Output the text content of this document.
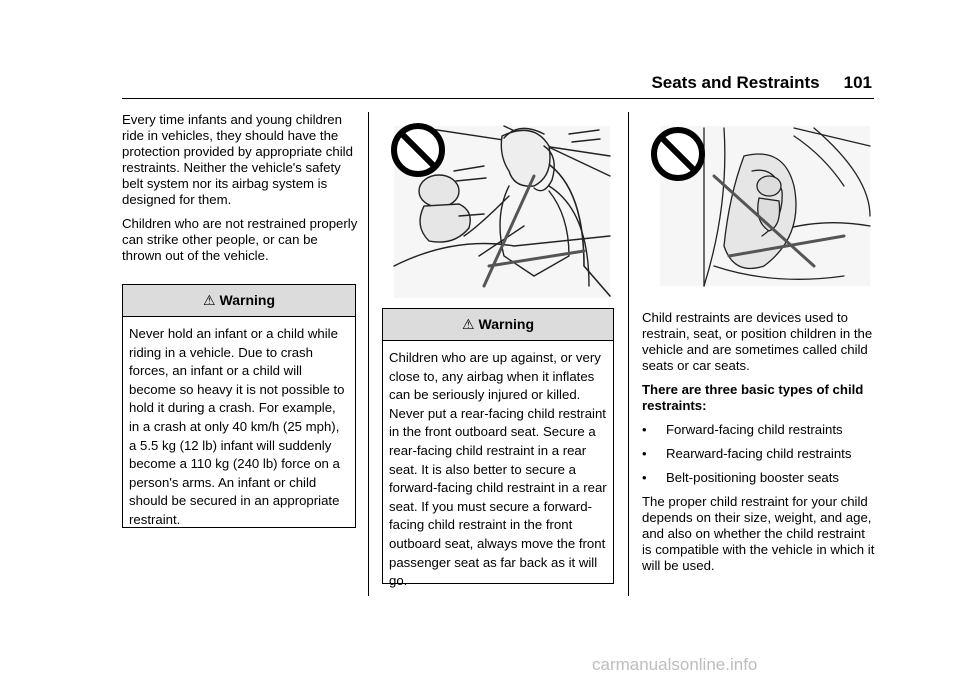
Seats and Restraints 101

Every time infants and young children ride in vehicles, they should have the protection provided by appropriate child restraints. Neither the vehicle's safety belt system nor its airbag system is designed for them.

Children who are not restrained properly can strike other people, or can be thrown out of the vehicle.

⚠ Warning
Never hold an infant or a child while riding in a vehicle. Due to crash forces, an infant or a child will become so heavy it is not possible to hold it during a crash. For example, in a crash at only 40 km/h (25 mph), a 5.5 kg (12 lb) infant will suddenly become a 110 kg (240 lb) force on a person's arms. An infant or child should be secured in an appropriate restraint.
⚠ Warning
Children who are up against, or very close to, any airbag when it inflates can be seriously injured or killed. Never put a rear-facing child restraint in the front outboard seat. Secure a rear-facing child restraint in a rear seat. It is also better to secure a forward-facing child restraint in a rear seat. If you must secure a forward-facing child restraint in the front outboard seat, always move the front passenger seat as far back as it will go.

Child restraints are devices used to restrain, seat, or position children in the vehicle and are sometimes called child seats or car seats.

There are three basic types of child restraints:

•	Forward-facing child restraints
•	Rearward-facing child restraints
•	Belt-positioning booster seats

The proper child restraint for your child depends on their size, weight, and age, and also on whether the child restraint is compatible with the vehicle in which it will be used.

carmanualsonline.info
